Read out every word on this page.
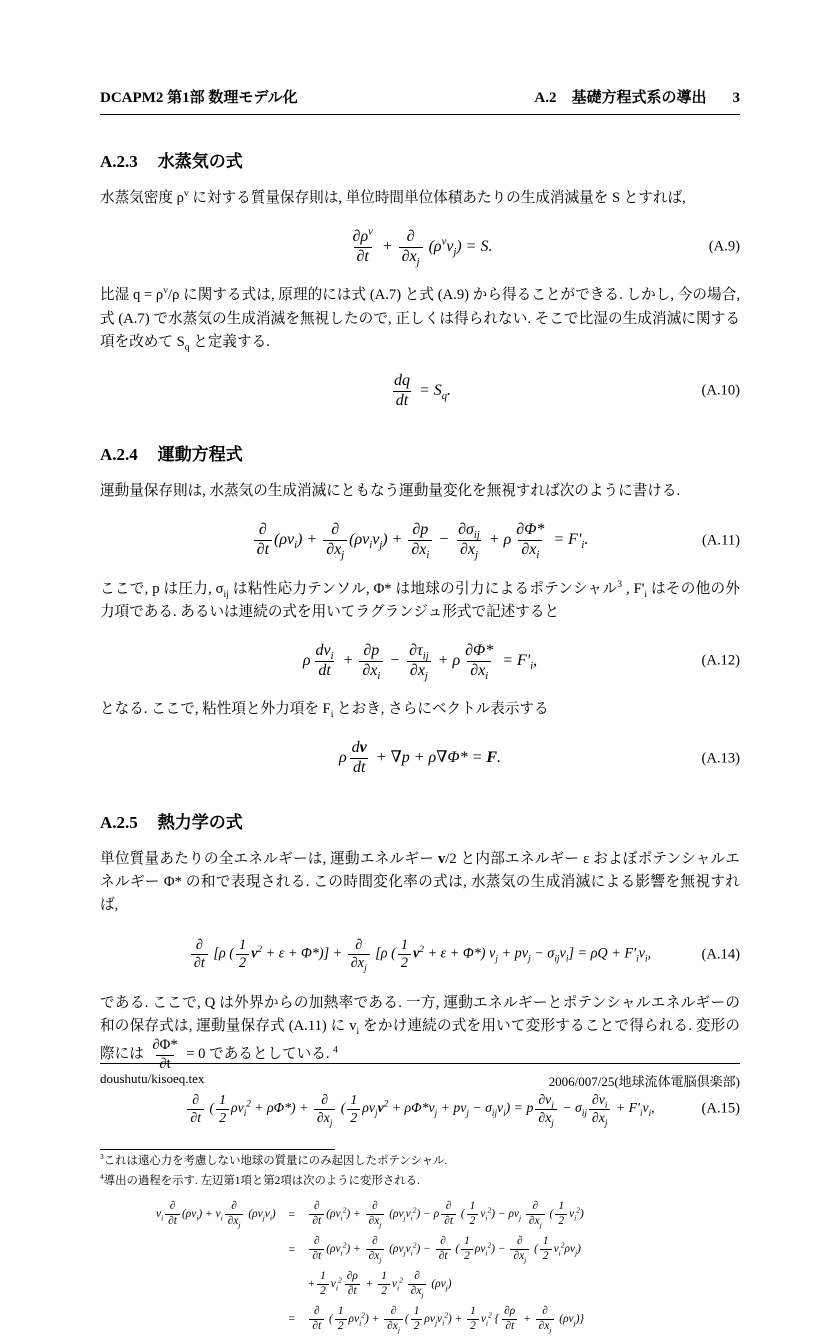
DCAPM2 第1部 数理モデル化	A.2　基礎方程式系の導出 3
A.2.3 水蒸気の式
水蒸気密度 $\rho^v$ に対する質量保存則は, 単位時間単位体積あたりの生成消滅量を S とすれば,
$\frac{\partial\rho^v}{\partial t} + \frac{\partial}{\partial x_j} (\rho^vv_j) = S$.	(A.9)
比湿 $q = \rho^v/\rho$ に関する式は, 原理的には式 (A.7) と式 (A.9) から得ることができる. しかし, 今の場合, 式 (A.7) で水蒸気の生成消滅を無視したので, 正しくは得られない. そこで比湿の生成消滅に関する項を改めて $S_q$ と定義する.
$\frac{dq}{dt} = S_q$.	(A.10)
A.2.4 運動方程式
運動量保存則は, 水蒸気の生成消滅にともなう運動量変化を無視すれば次のように書ける.
$\frac{\partial}{\partial t} (\rho v_i) + \frac{\partial}{\partial x_j} (\rho v_iv_j) + \frac{\partial p}{\partial x_i} - \frac{\partial\sigma_{ij}}{\partial x_j} + \rho \frac{\partial\Phi*}{\partial x_i} = F'_i$.	(A.11)
ここで, p は圧力, $\sigma_{ij}$ は粘性応力テンソル, Φ* は地球の引力によるポテンシャル$^3$ , $F'_i$ はその他の外力項である. あるいは連続の式を用いてラグランジュ形式で記述すると
ρ $\frac{dv_i}{dt} + \frac{\partial p}{\partial x_i} - \frac{\partial\tau_{ij}}{\partial x_j} + \rho \frac{\partial\Phi*}{\partial x_i} = F'_i$,	(A.12)
となる. ここで, 粘性項と外力項を $F_i$ とおき, さらにベクトル表示する
ρ $\frac{dv}{dt} + \nabla p + \rho\nabla\Phi* = F$.	(A.13)
A.2.5 熱力学の式
単位質量あたりの全エネルギーは, 運動エネルギー v/2 と内部エネルギー ε およぼポテンシャルエネルギー Φ* の和で表現される. この時間変化率の式は, 水蒸気の生成消滅による影響を無視すれば,
$\frac{\partial}{\partial t} [\rho$ ( $\frac{1}{2} v^2 + \varepsilon + \Phi*)] + \frac{\partial}{\partial x_j} [\rho$ ( $\frac{1}{2} v^2 + \varepsilon + \Phi*$) $v_j + pv_j - \sigma_{ij}v_i] = \rho Q + F'_iv_i$,	(A.14)
である. ここで, Q は外界からの加熱率である. 一方, 運動エネルギーとポテンシャルエネルギーの和の保存式は, 運動量保存式 (A.11) に $v_i$ をかけ連続の式を用いて変形することで得られる. 変形の際には $\frac{\partial\Phi*}{\partial t} = 0$ であるとしている. $^4$
$\frac{\partial}{\partial t}$ ( $\frac{1}{2} \rho v_i^2 + \rho\Phi*) + \frac{\partial}{\partial x_j}$ ( $\frac{1}{2} \rho v_jv^2 + \rho\Phi*v_j + pv_j - \sigma_{ij}v_i) = p \frac{\partial v_j}{\partial x_j} - \sigma_{ij} \frac{\partial v_i}{\partial x_j} + F'_iv_i$,	(A.15)
$^3$これは遠心力を考慮しない地球の質量にのみ起因したポテンシャル.
$^4$導出の過程を示す. 左辺第1項と第2項は次のように変形される.
$v_i \frac{\partial}{\partial t} (\rho v_i) + v_i \frac{\partial}{\partial x_j} (\rho v_jv_i)$	=	$\frac{\partial}{\partial t} (\rho v_i^2) + \frac{\partial}{\partial x_j} (\rho v_jv_i^2) - \rho \frac{\partial}{\partial t}$ ( $\frac{1}{2} v_i^2) - \rho v_j \frac{\partial}{\partial x_j}$ ( $\frac{1}{2} v_i^2$)
	=	$\frac{\partial}{\partial t} (\rho v_i^2) + \frac{\partial}{\partial x_j} (\rho v_jv_i^2) - \frac{\partial}{\partial t}$ ( $\frac{1}{2} \rho v_i^2) - \frac{\partial}{\partial x_j}$ ( $\frac{1}{2} v_i^2\rho v_j$)
		+ $\frac{1}{2} v_i^2 \frac{\partial\rho}{\partial t} + \frac{1}{2} v_i^2 \frac{\partial}{\partial x_j} (\rho v_j)$
	=	$\frac{\partial}{\partial t}$ ( $\frac{1}{2} \rho v_i^2) + \frac{\partial}{\partial x_j}$ ( $\frac{1}{2} \rho v_jv_i^2) + \frac{1}{2} v_i^2$ { $\frac{\partial\rho}{\partial t} + \frac{\partial}{\partial x_j} (\rho v_j)$}
doushutu/kisoeq.tex	2006/007/25(地球流体電脳倶楽部)
